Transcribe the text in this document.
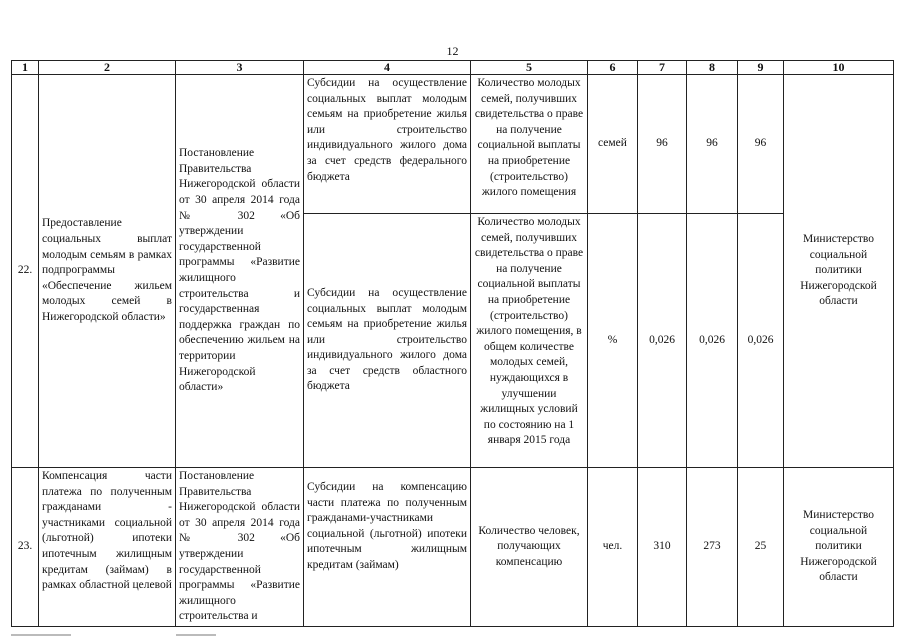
12
1	2	3	4	5	6	7	8	9	10
22.	Предоставление социальных выплат молодым семьям в рамках подпрограммы «Обеспечение жильем молодых семей в Нижегородской области»	Постановление Правительства Нижегородской области от 30 апреля 2014 года № 302 «Об утверждении государственной программы «Развитие жилищного строительства и государственная поддержка граждан по обеспечению жильем на территории Нижегородской области»	Субсидии на осуществление социальных выплат молодым семьям на приобретение жилья или строительство индивидуального жилого дома за счет средств федерального бюджета	Количество молодых семей, получивших свидетельства о праве на получение социальной выплаты на приобретение (строительство) жилого помещения	семей	96	96	96	Министерство социальной политики Нижегородской области
			Субсидии на осуществление социальных выплат молодым семьям на приобретение жилья или строительство индивидуального жилого дома за счет средств областного бюджета	Количество молодых семей, получивших свидетельства о праве на получение социальной выплаты на приобретение (строительство) жилого помещения, в общем количестве молодых семей, нуждающихся в улучшении жилищных условий по состоянию на 1 января 2015 года	%	0,026	0,026	0,026	
23.	Компенсация части платежа по полученным гражданами - участниками социальной (льготной) ипотеки ипотечным жилищным кредитам (займам) в рамках областной целевой	Постановление Правительства Нижегородской области от 30 апреля 2014 года № 302 «Об утверждении государственной программы «Развитие жилищного строительства и	Субсидии на компенсацию части платежа по полученным гражданами-участниками социальной (льготной) ипотеки ипотечным жилищным кредитам (займам)	Количество человек, получающих компенсацию	чел.	310	273	25	Министерство социальной политики Нижегородской области
